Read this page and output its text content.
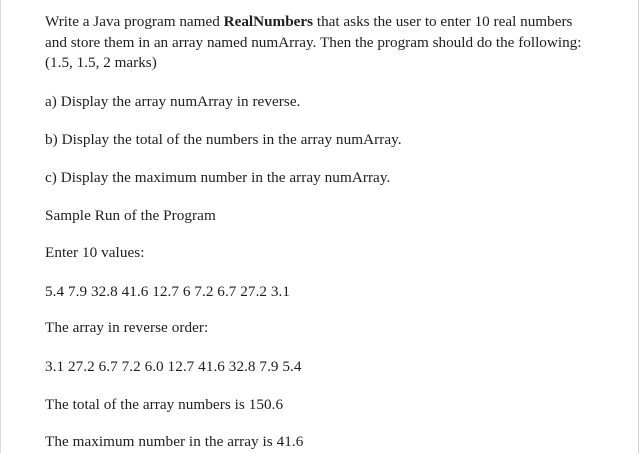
Write a Java program named RealNumbers that asks the user to enter 10 real numbers
and store them in an array named numArray. Then the program should do the following:
(1.5, 1.5, 2 marks)

a) Display the array numArray in reverse.

b) Display the total of the numbers in the array numArray.

c) Display the maximum number in the array numArray.

Sample Run of the Program

Enter 10 values:

5.4 7.9 32.8 41.6 12.7 6 7.2 6.7 27.2 3.1

The array in reverse order:

3.1 27.2 6.7 7.2 6.0 12.7 41.6 32.8 7.9 5.4

The total of the array numbers is 150.6

The maximum number in the array is 41.6
